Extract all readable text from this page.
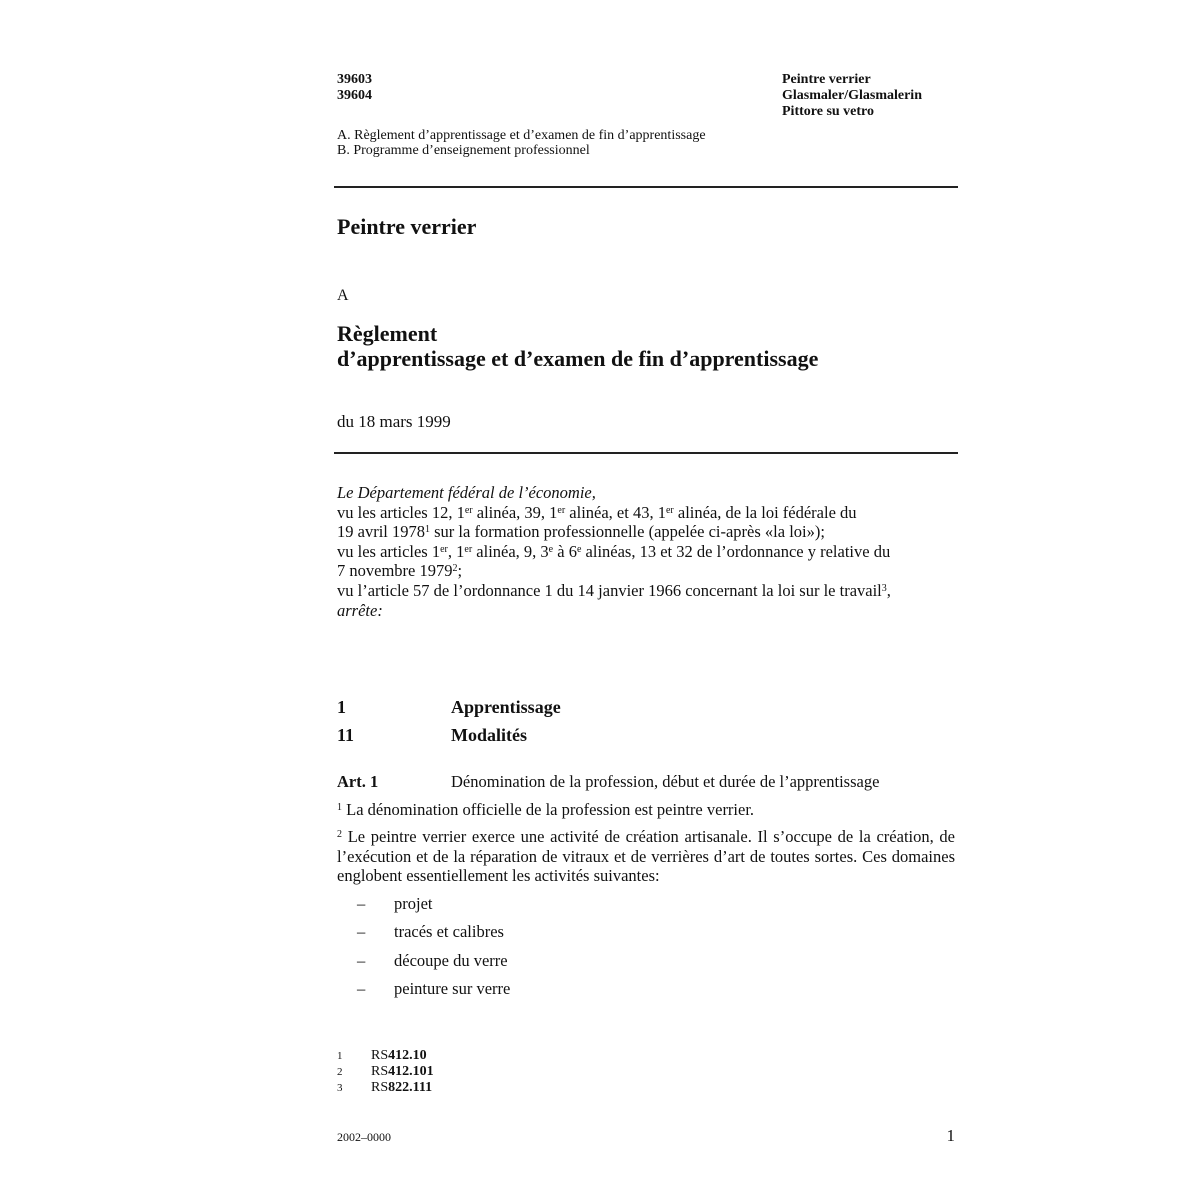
39603
39604
Peintre verrier
Glasmaler/Glasmalerin
Pittore su vetro
A. Règlement d’apprentissage et d’examen de fin d’apprentissage
B. Programme d’enseignement professionnel
Peintre verrier
A
Règlement
d’apprentissage et d’examen de fin d’apprentissage
du 18 mars 1999
Le Département fédéral de l’économie,
vu les articles 12, 1er alinéa, 39, 1er alinéa, et 43, 1er alinéa, de la loi fédérale du
19 avril 1978$^1$ sur la formation professionnelle (appelée ci-après «la loi»);
vu les articles 1er, 1er alinéa, 9, 3e à 6e alinéas, 13 et 32 de l’ordonnance y relative du
7 novembre 1979$^2$;
vu l’article 57 de l’ordonnance 1 du 14 janvier 1966 concernant la loi sur le travail$^3$,
arrête:
1	Apprentissage
11	Modalités
Art. 1	Dénomination de la profession, début et durée de l’apprentissage

$^1$ La dénomination officielle de la profession est peintre verrier.

$^2$ Le peintre verrier exerce une activité de création artisanale. Il s’occupe de la création, de l’exécution et de la réparation de vitraux et de verrières d’art de toutes sortes. Ces domaines englobent essentiellement les activités suivantes:

–	projet
–	tracés et calibres
–	découpe du verre
–	peinture sur verre
1	RS 412.10
2	RS 412.101
3	RS 822.111
2002–0000	1
